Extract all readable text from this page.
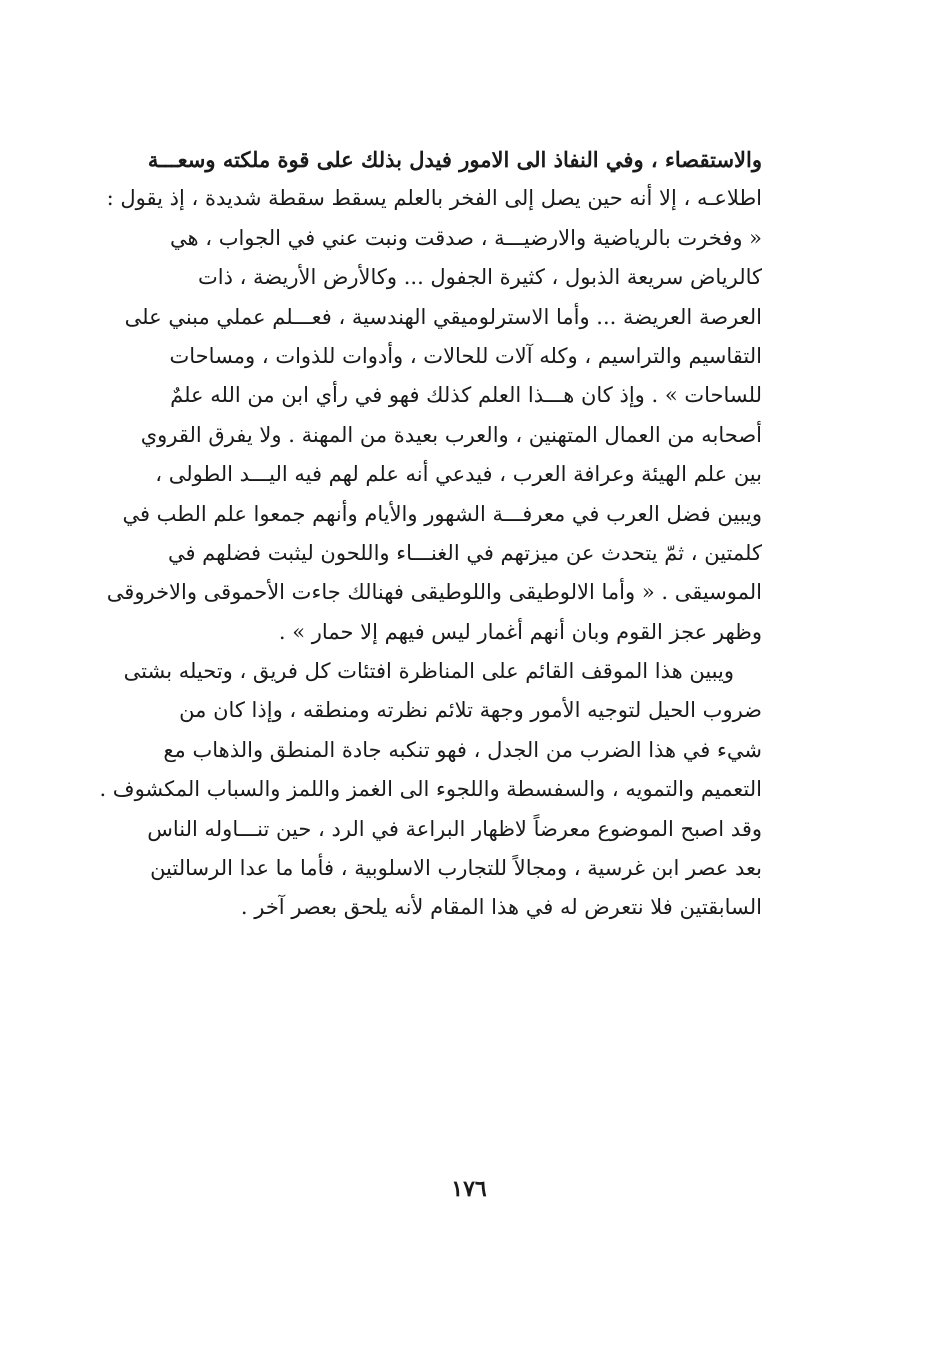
والاستقصاء ، وفي النفاذ الى الامور فيدل بذلك على قوة ملكته وسعـــة
اطلاعـه ، إلا أنه حين يصل إلى الفخر بالعلم يسقط سقطة شديدة ، إذ يقول :
« وفخرت بالرياضية والارضيـــة ، صدقت ونبت عني في الجواب ، هي
كالرياض سريعة الذبول ، كثيرة الجفول ... وكالأرض الأريضة ، ذات
العرصة العريضة ... وأما الاسترلوميقي الهندسية ، فعـــلم عملي مبني على
التقاسيم والتراسيم ، وكله آلات للحالات ، وأدوات للذوات ، ومساحات
للساحات » . وإذ كان هـــذا العلم كذلك فهو في رأي ابن من الله علمٌ
أصحابه من العمال المتهنين ، والعرب بعيدة من المهنة . ولا يفرق القروي
بين علم الهيئة وعرافة العرب ، فيدعي أنه علم لهم فيه اليـــد الطولى ،
ويبين فضل العرب في معرفـــة الشهور والأيام وأنهم جمعوا علم الطب في
كلمتين ، ثمّ يتحدث عن ميزتهم في الغنـــاء واللحون ليثبت فضلهم في
الموسيقى . « وأما الالوطيقى واللوطيقى فهنالك جاءت الأحموقى والاخروقى
وظهر عجز القوم وبان أنهم أغمار ليس فيهم إلا حمار » .
ويبين هذا الموقف القائم على المناظرة افتئات كل فريق ، وتحيله بشتى
ضروب الحيل لتوجيه الأمور وجهة تلائم نظرته ومنطقه ، وإذا كان من
شيء في هذا الضرب من الجدل ، فهو تنكبه جادة المنطق والذهاب مع
التعميم والتمويه ، والسفسطة واللجوء الى الغمز واللمز والسباب المكشوف .
وقد اصبح الموضوع معرضاً لاظهار البراعة في الرد ، حين تنـــاوله الناس
بعد عصر ابن غرسية ، ومجالاً للتجارب الاسلوبية ، فأما ما عدا الرسالتين
السابقتين فلا نتعرض له في هذا المقام لأنه يلحق بعصر آخر .
١٧٦
